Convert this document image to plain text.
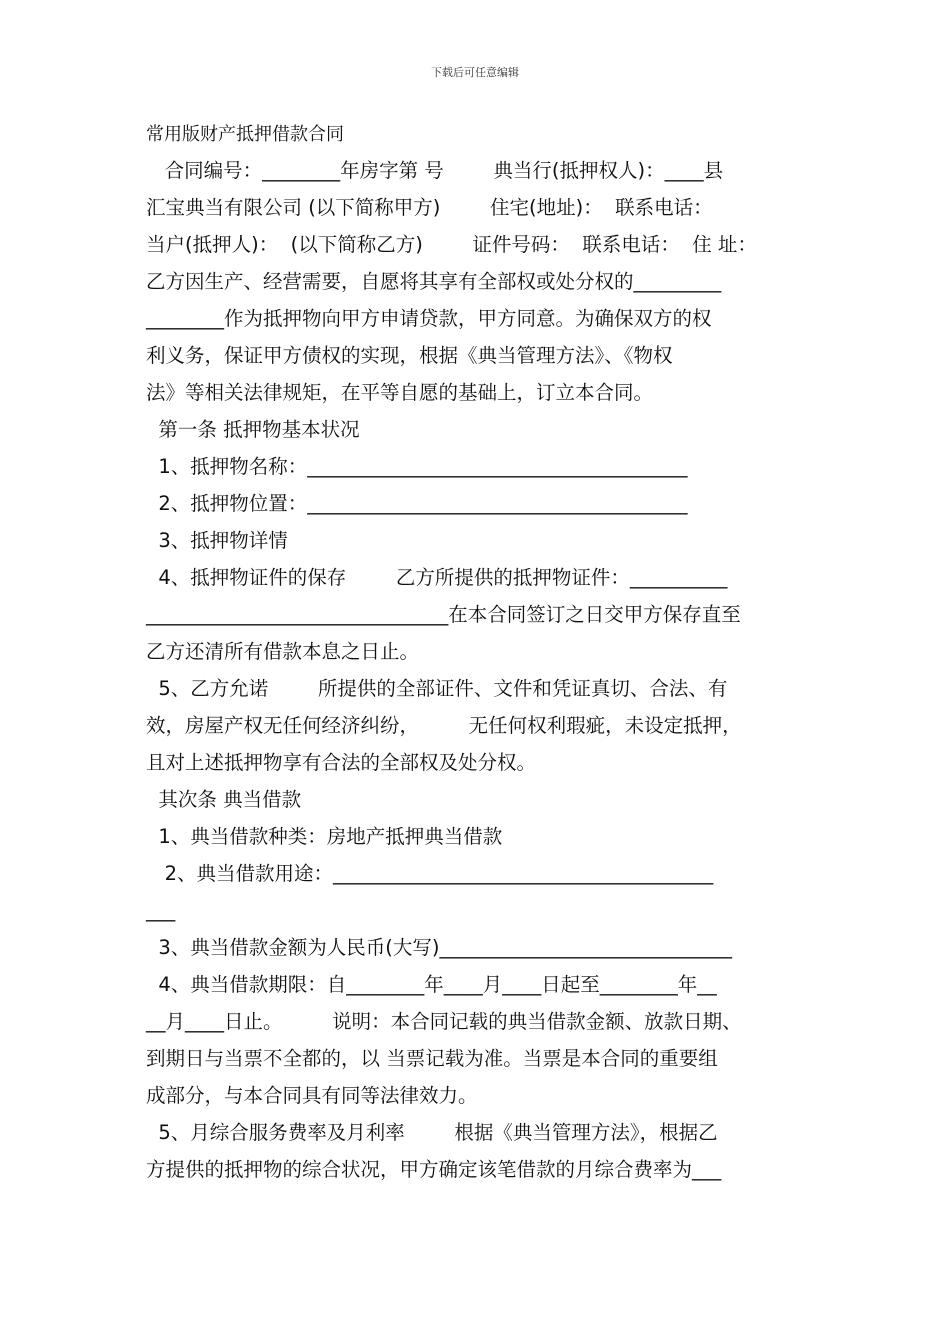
下载后可任意编辑
常用版财产抵押借款合同
合同编号：________年房字第 号        典当行(抵押权人)：____县
汇宝典当有限公司 (以下简称甲方)        住宅(地址)：  联系电话：
当户(抵押人)：  (以下简称乙方)        证件号码：  联系电话：  住 址：
乙方因生产、经营需要，自愿将其享有全部权或处分权的_________
________作为抵押物向甲方申请贷款，甲方同意。为确保双方的权
利义务，保证甲方债权的实现，根据《典当管理方法》、《物权
法》等相关法律规矩，在平等自愿的基础上，订立本合同。
第一条 抵押物基本状况
1、抵押物名称：_______________________________________
2、抵押物位置：_______________________________________
3、抵押物详情
4、抵押物证件的保存        乙方所提供的抵押物证件：__________
_______________________________在本合同签订之日交甲方保存直至
乙方还清所有借款本息之日止。
5、乙方允诺        所提供的全部证件、文件和凭证真切、合法、有
效，房屋产权无任何经济纠纷，        无任何权利瑕疵，未设定抵押，
且对上述抵押物享有合法的全部权及处分权。
其次条 典当借款
1、典当借款种类：房地产抵押典当借款
2、典当借款用途：_______________________________________
___
3、典当借款金额为人民币(大写)______________________________
4、典当借款期限：自________年____月____日起至________年__
__月____日止。        说明：本合同记载的典当借款金额、放款日期、
到期日与当票不全都的，以 当票记载为准。当票是本合同的重要组
成部分，与本合同具有同等法律效力。
5、月综合服务费率及月利率        根据《典当管理方法》，根据乙
方提供的抵押物的综合状况，甲方确定该笔借款的月综合费率为___
